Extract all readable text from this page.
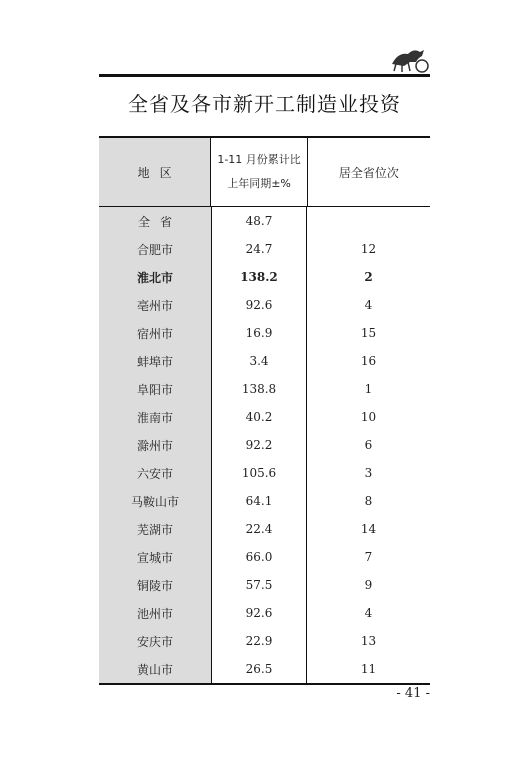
全省及各市新开工制造业投资
地区
1-11 月份累计比
上年同期±%
居全省位次
全省
合肥市
淮北市
亳州市
宿州市
蚌埠市
阜阳市
淮南市
滁州市
六安市
马鞍山市
芜湖市
宣城市
铜陵市
池州市
安庆市
黄山市
48.7
24.7
138.2
92.6
16.9
3.4
138.8
40.2
92.2
105.6
64.1
22.4
66.0
57.5
92.6
22.9
26.5
12
2
4
15
16
1
10
6
3
8
14
7
9
4
13
11
- 41 -
